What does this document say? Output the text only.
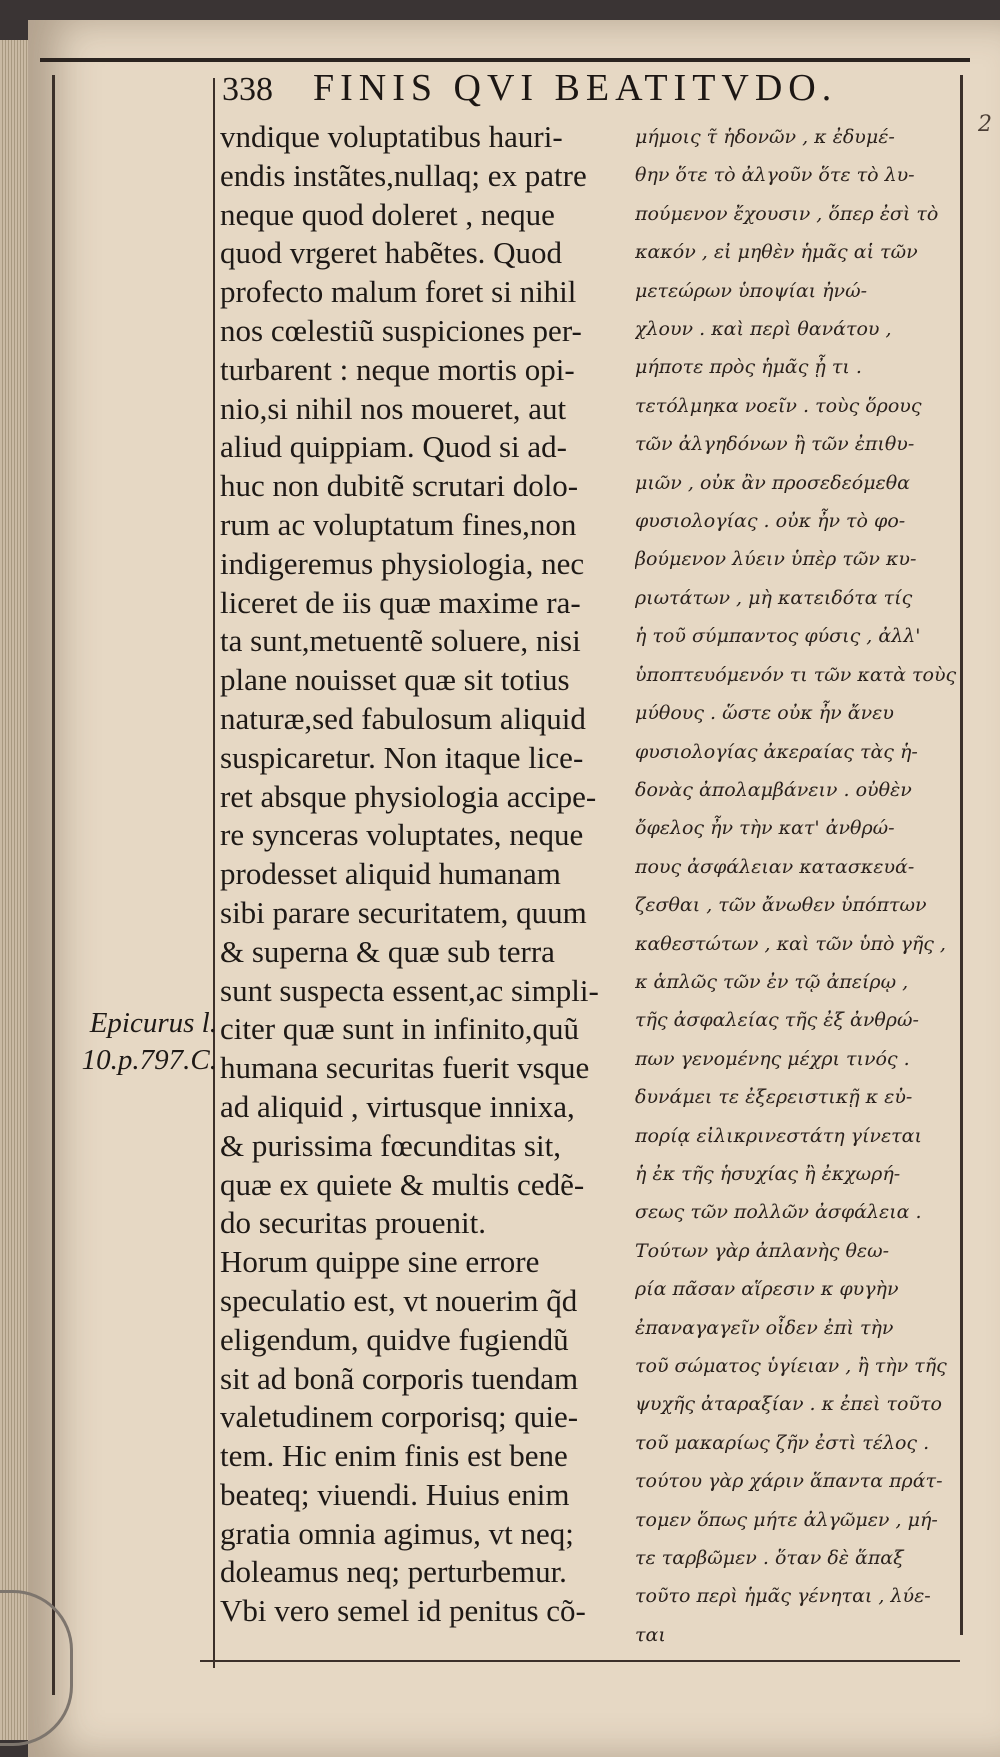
2
338 FINIS QVI BEATITVDO.

vndique voluptatibus hauri-

endis instãtes,nullaq; ex patre

neque quod doleret , neque

quod vrgeret habẽtes. Quod

profecto malum foret si nihil

nos cœlestiũ suspiciones per-

turbarent : neque mortis opi-

nio,si nihil nos moueret, aut

aliud quippiam. Quod si ad-

huc non dubitẽ scrutari dolo-

rum ac voluptatum fines,non

indigeremus physiologia, nec

liceret de iis quæ maxime ra-

ta sunt,metuentẽ soluere, nisi

plane nouisset quæ sit totius

naturæ,sed fabulosum aliquid

suspicaretur. Non itaque lice-

ret absque physiologia accipe-

re synceras voluptates, neque

prodesset aliquid humanam

sibi parare securitatem, quum

& superna & quæ sub terra

sunt suspecta essent,ac simpli-

citer quæ sunt in infinito,quũ

humana securitas fuerit vsque

ad aliquid , virtusque innixa,

& purissima fœcunditas sit,

quæ ex quiete & multis cedẽ-

do securitas prouenit.

Horum quippe sine errore

speculatio est, vt nouerim q̃d

eligendum, quidve fugiendũ

sit ad bonã corporis tuendam

valetudinem corporisq; quie-

tem. Hic enim finis est bene

beateq; viuendi. Huius enim

gratia omnia agimus, vt neq;

doleamus neq; perturbemur.

Vbi vero semel id penitus cõ-

μήμοις τ̃ ἡδονῶν , κ ἐδυμέ-

θην ὅτε τὸ ἀλγοῦν ὅτε τὸ λυ-

πούμενον ἔχουσιν , ὅπερ ἐσὶ τὸ

κακόν , εἰ μηθὲν ἡμᾶς αἱ τῶν

μετεώρων ὑποψίαι ἠνώ-

χλουν . καὶ περὶ θανάτου ,

μήποτε πρὸς ἡμᾶς ᾖ τι .

τετόλμηκα νοεῖν . τοὺς ὅρους

τῶν ἀλγηδόνων ἢ τῶν ἐπιθυ-

μιῶν , οὐκ ἂν προσεδεόμεθα

φυσιολογίας . οὐκ ἦν τὸ φο-

βούμενον λύειν ὑπὲρ τῶν κυ-

ριωτάτων , μὴ κατειδότα τίς

ἡ τοῦ σύμπαντος φύσις , ἀλλ'

ὑποπτευόμενόν τι τῶν κατὰ τοὺς

μύθους . ὥστε οὐκ ἦν ἄνευ

φυσιολογίας ἀκεραίας τὰς ἡ-

δονὰς ἀπολαμβάνειν . οὐθὲν

ὄφελος ἦν τὴν κατ' ἀνθρώ-

πους ἀσφάλειαν κατασκευά-

ζεσθαι , τῶν ἄνωθεν ὑπόπτων

καθεστώτων , καὶ τῶν ὑπὸ γῆς ,

κ ἁπλῶς τῶν ἐν τῷ ἀπείρῳ ,

τῆς ἀσφαλείας τῆς ἐξ ἀνθρώ-

πων γενομένης μέχρι τινός .

δυνάμει τε ἐξερειστικῇ κ εὐ-

πορίᾳ εἰλικρινεστάτη γίνεται

ἡ ἐκ τῆς ἡσυχίας ἢ ἐκχωρή-

σεως τῶν πολλῶν ἀσφάλεια .

Τούτων γὰρ ἀπλανὴς θεω-

ρία πᾶσαν αἵρεσιν κ φυγὴν

ἐπαναγαγεῖν οἶδεν ἐπὶ τὴν

τοῦ σώματος ὑγίειαν , ἢ τὴν τῆς

ψυχῆς ἀταραξίαν . κ ἐπεὶ τοῦτο

τοῦ μακαρίως ζῆν ἐστὶ τέλος .

τούτου γὰρ χάριν ἅπαντα πράτ-

τομεν ὅπως μήτε ἀλγῶμεν , μή-

τε ταρβῶμεν . ὅταν δὲ ἅπαξ

τοῦτο περὶ ἡμᾶς γένηται , λύε-

ται

Epicurus l.

10.p.797.C.
